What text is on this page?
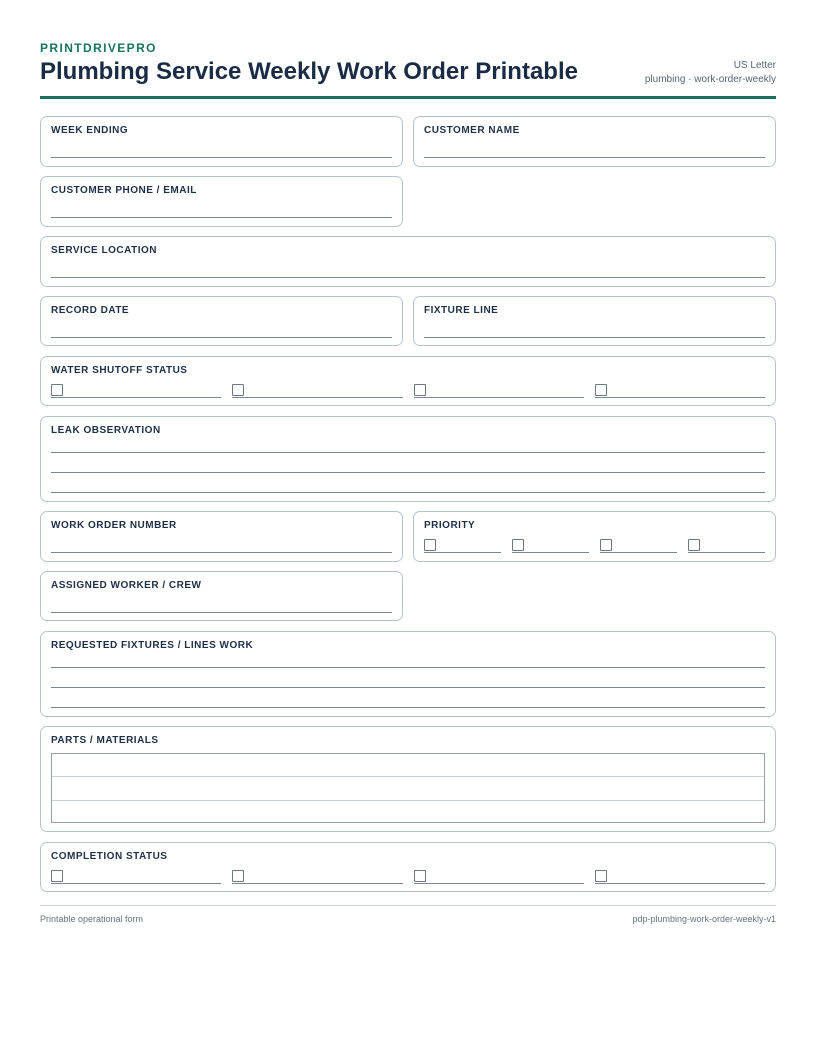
PRINTDRIVEPRO
Plumbing Service Weekly Work Order Printable	US Letter
plumbing · work-order-weekly
WEEK ENDING	CUSTOMER NAME
CUSTOMER PHONE / EMAIL
SERVICE LOCATION
RECORD DATE	FIXTURE LINE
WATER SHUTOFF STATUS
LEAK OBSERVATION
WORK ORDER NUMBER	PRIORITY
ASSIGNED WORKER / CREW
REQUESTED FIXTURES / LINES WORK
PARTS / MATERIALS
COMPLETION STATUS
Printable operational form	pdp-plumbing-work-order-weekly-v1
